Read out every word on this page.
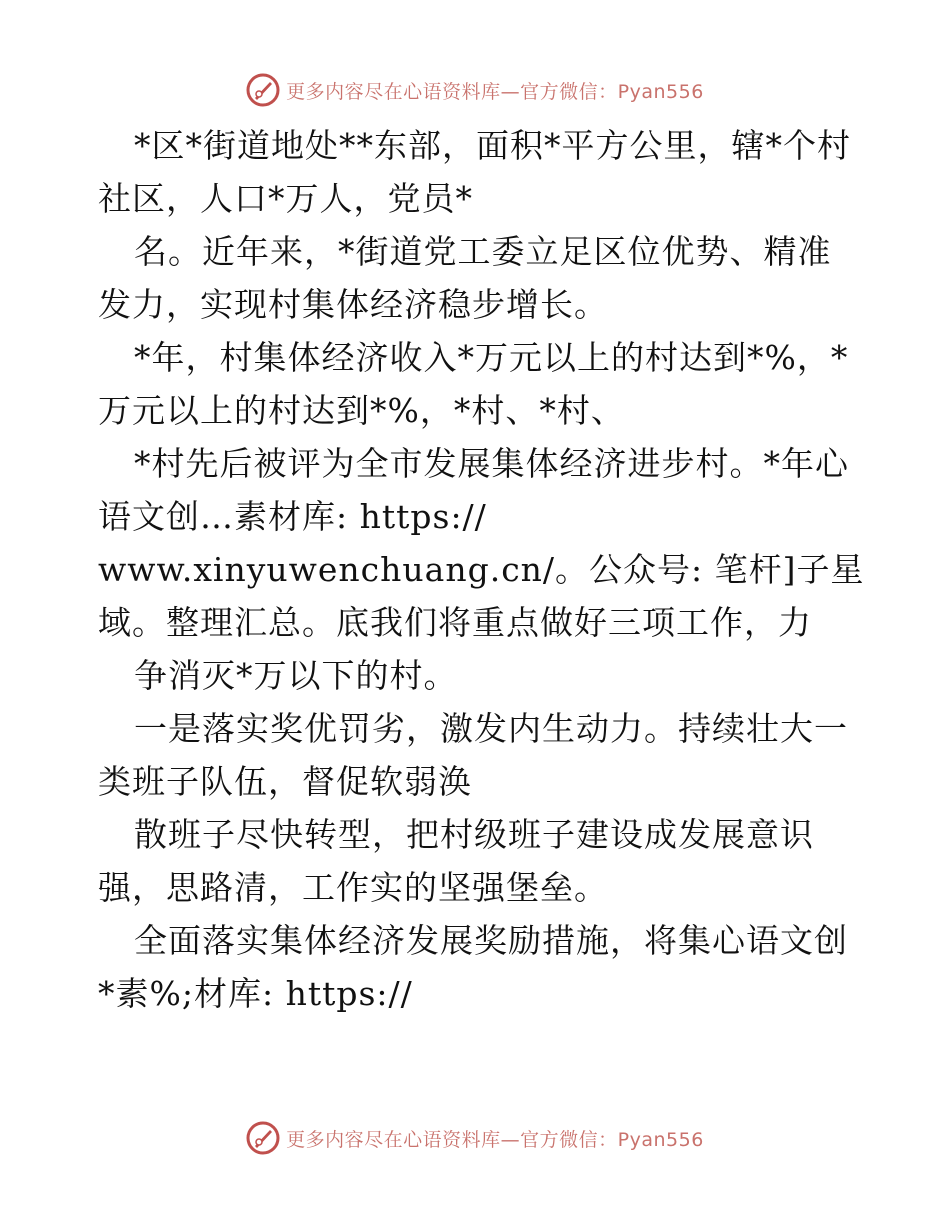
更多内容尽在心语资料库—官方微信：Pyan556
*区*街道地处**东部，面积*平方公里，辖*个村
社区，人口*万人，党员*
名。近年来，*街道党工委立足区位优势、精准
发力，实现村集体经济稳步增长。
*年，村集体经济收入*万元以上的村达到*%，*
万元以上的村达到*%，*村、*村、
*村先后被评为全市发展集体经济进步村。*年心
语文创…素材库: https://
www.xinyuwenchuang.cn/。公众号: 笔杆]子星
域。整理汇总。底我们将重点做好三项工作，力
争消灭*万以下的村。
一是落实奖优罚劣，激发内生动力。持续壮大一
类班子队伍，督促软弱涣
散班子尽快转型，把村级班子建设成发展意识
强，思路清，工作实的坚强堡垒。
全面落实集体经济发展奖励措施，将集心语文创
*素%;材库: https://
更多内容尽在心语资料库—官方微信：Pyan556
